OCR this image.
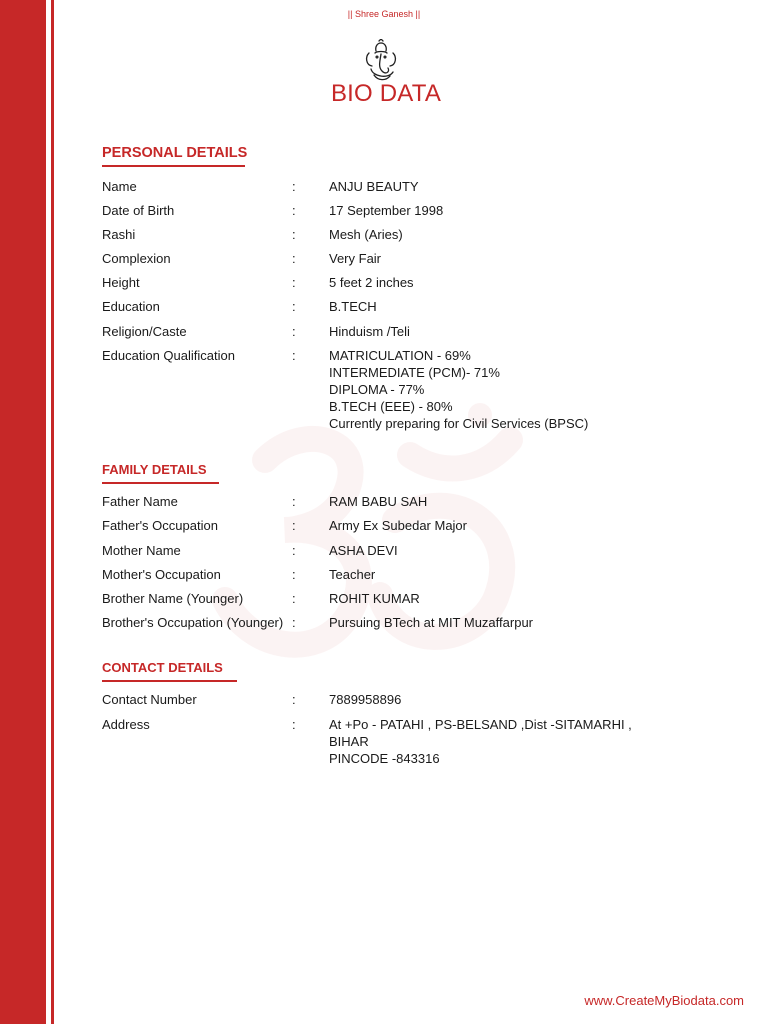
|| Shree Ganesh ||
BIO DATA
PERSONAL DETAILS
Name	:	ANJU BEAUTY
Date of Birth	:	17 September 1998
Rashi	:	Mesh (Aries)
Complexion	:	Very Fair
Height	:	5 feet 2 inches
Education	:	B.TECH
Religion/Caste	:	Hinduism /Teli
Education Qualification	:	MATRICULATION - 69%
INTERMEDIATE (PCM)- 71%
DIPLOMA - 77%
B.TECH (EEE) - 80%
Currently preparing for Civil Services (BPSC)
FAMILY DETAILS
Father Name	:	RAM BABU SAH
Father's Occupation	:	Army Ex Subedar Major
Mother Name	:	ASHA DEVI
Mother's Occupation	:	Teacher
Brother Name (Younger)	:	ROHIT KUMAR
Brother's Occupation (Younger) :	Pursuing BTech at MIT Muzaffarpur
CONTACT DETAILS
Contact Number	:	7889958896
Address	:	At +Po - PATAHI , PS-BELSAND ,Dist -SITAMARHI ,
BIHAR
PINCODE -843316
www.CreateMyBiodata.com
